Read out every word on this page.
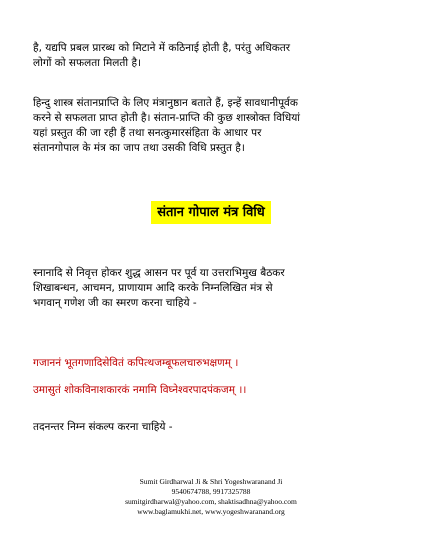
है, यद्यपि प्रबल प्रारब्ध को मिटाने में कठिनाई होती है, परंतु अधिकतर
लोगों को सफलता मिलती है।
हिन्दु शास्त्र संतानप्राप्ति के लिए मंत्रानुष्ठान बताते हैं, इन्हें सावधानीपूर्वक
करने से सफलता प्राप्त होती है। संतान-प्राप्ति की कुछ शास्त्रोक्त विधियां
यहां प्रस्तुत की जा रही हैं तथा सनत्कुमारसंहिता के आधार पर
संतानगोपाल के मंत्र का जाप तथा उसकी विधि प्रस्तुत है।
संतान गोपाल मंत्र विधि
स्नानादि से निवृत्त होकर शुद्ध आसन पर पूर्व या उत्तराभिमुख बैठकर
शिखाबन्धन, आचमन, प्राणायाम आदि करके निम्नलिखित मंत्र से
भगवान् गणेश जी का स्मरण करना चाहिये -
गजाननं भूतगणादिसेवितं कपित्थजम्बूफलचारुभक्षणम् ।
उमासुतं शोकविनाशकारकं नमामि विघ्नेश्वरपादपंकजम् ।।
तदनन्तर निम्न संकल्प करना चाहिये -
Sumit Girdharwal Ji & Shri Yogeshwaranand Ji
9540674788, 9917325788
sumitgirdharwal@yahoo.com, shaktisadhna@yahoo.com
www.baglamukhi.net, www.yogeshwaranand.org
